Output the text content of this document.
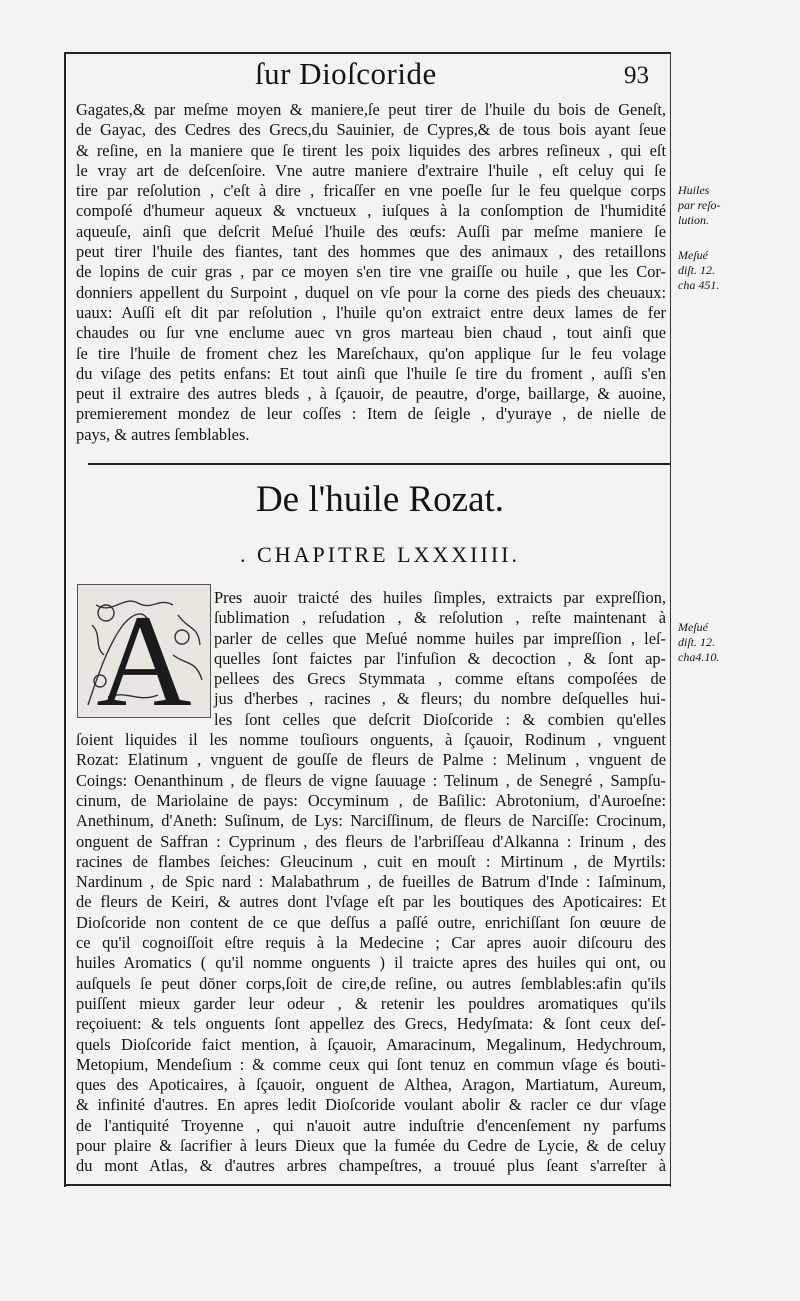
ſur Dioſcoride	93
Gagates,& par meſme moyen & maniere,ſe peut tirer de l'huile du bois de Geneſt,
de Gayac, des Cedres des Grecs,du Sauinier, de Cypres,& de tous bois ayant ſeue
& reſine, en la maniere que ſe tirent les poix liquides des arbres reſineux , qui eſt
le vray art de deſcenſoire. Vne autre maniere d'extraire l'huile , eſt celuy qui ſe
tire par reſolution , c'eſt à dire , fricaſſer en vne poeſle ſur le feu quelque corps
compoſé d'humeur aqueux & vnctueux , iuſques à la conſomption de l'humidité
aqueuſe, ainſi que deſcrit Meſué l'huile des œufs: Auſſi par meſme maniere ſe
peut tirer l'huile des fiantes, tant des hommes que des animaux , des retaillons
de lopins de cuir gras , par ce moyen s'en tire vne graiſſe ou huile , que les Cor-
donniers appellent du Surpoint , duquel on vſe pour la corne des pieds des cheuaux:
uaux: Auſſi eſt dit par reſolution , l'huile qu'on extraict entre deux lames de fer
chaudes ou ſur vne enclume auec vn gros marteau bien chaud , tout ainſi que
ſe tire l'huile de froment chez les Mareſchaux, qu'on applique ſur le feu volage
du viſage des petits enfans: Et tout ainſi que l'huile ſe tire du froment , auſſi s'en
peut il extraire des autres bleds , à ſçauoir, de peautre, d'orge, baillarge, & auoine,
premierement mondez de leur coſſes : Item de ſeigle , d'yuraye , de nielle de
pays, & autres ſemblables.
De l'huile Rozat.
. CHAPITRE LXXXIIII.
A	Pres auoir traicté des huiles ſimples, extraicts par expreſſion,
ſublimation , reſudation , & reſolution , reſte maintenant à
parler de celles que Meſué nomme huiles par impreſſion , leſ-
quelles ſont faictes par l'infuſion & decoction , & ſont ap-
pellees des Grecs Stymmata , comme eſtans compoſées de
jus d'herbes , racines , & fleurs; du nombre deſquelles hui-
les ſont celles que deſcrit Dioſcoride : & combien qu'elles
ſoient liquides il les nomme touſiours onguents, à ſçauoir, Rodinum , vnguent
Rozat: Elatinum , vnguent de gouſſe de fleurs de Palme : Melinum , vnguent de
Coings: Oenanthinum , de fleurs de vigne ſauuage : Telinum , de Senegré , Sampſu-
cinum, de Mariolaine de pays: Occyminum , de Baſilic: Abrotonium, d'Auroeſne:
Anethinum, d'Aneth: Suſinum, de Lys: Narciſſinum, de fleurs de Narciſſe: Crocinum,
onguent de Saffran : Cyprinum , des fleurs de l'arbriſſeau d'Alkanna : Irinum , des
racines de flambes ſeiches: Gleucinum , cuit en mouſt : Mirtinum , de Myrtils:
Nardinum , de Spic nard : Malabathrum , de fueilles de Batrum d'Inde : Iaſminum,
de fleurs de Keiri, & autres dont l'vſage eſt par les boutiques des Apoticaires: Et
Dioſcoride non content de ce que deſſus a paſſé outre, enrichiſſant ſon œuure de
ce qu'il cognoiſſoit eſtre requis à la Medecine ; Car apres auoir diſcouru des
huiles Aromatics ( qu'il nomme onguents ) il traicte apres des huiles qui ont, ou
auſquels ſe peut dōner corps,ſoit de cire,de reſine, ou autres ſemblables:afin qu'ils
puiſſent mieux garder leur odeur , & retenir les pouldres aromatiques qu'ils
reçoiuent: & tels onguents ſont appellez des Grecs, Hedyſmata: & ſont ceux deſ-
quels Dioſcoride faict mention, à ſçauoir, Amaracinum, Megalinum, Hedychroum,
Metopium, Mendeſium : & comme ceux qui ſont tenuz en commun vſage és bouti-
ques des Apoticaires, à ſçauoir, onguent de Althea, Aragon, Martiatum, Aureum,
& infinité d'autres. En apres ledit Dioſcoride voulant abolir & racler ce dur vſage
de l'antiquité Troyenne , qui n'auoit autre induſtrie d'encenſement ny parfums
pour plaire & ſacrifier à leurs Dieux que la fumée du Cedre de Lycie, & de celuy
du mont Atlas, & d'autres arbres champeſtres, a trouué plus ſeant s'arreſter à
Huiles
par reſo-
lution.
Meſué
diſt. 12.
cha 451.
Meſué
diſt. 12.
cha4.10.
